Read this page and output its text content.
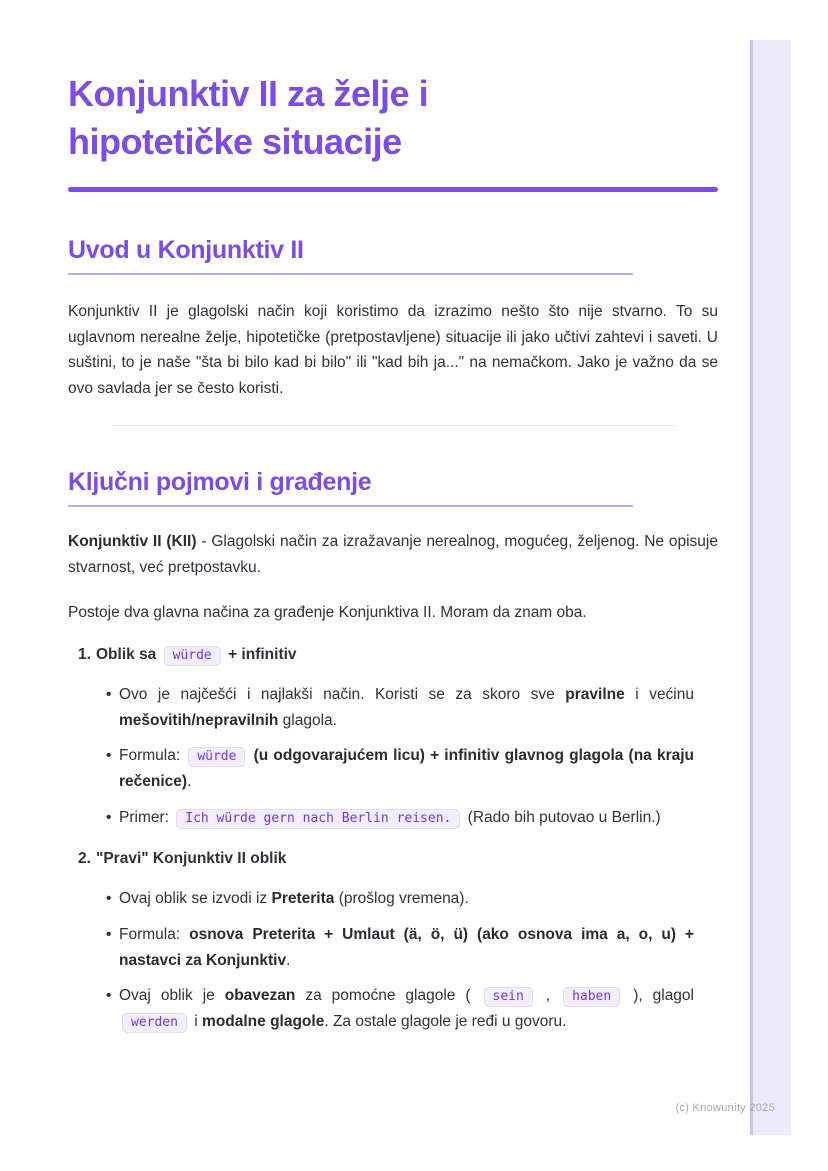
Konjunktiv II za želje i
hipotetičke situacije
Uvod u Konjunktiv II

Konjunktiv II je glagolski način koji koristimo da izrazimo nešto što nije stvarno. To su uglavnom nerealne želje, hipotetičke (pretpostavljene) situacije ili jako učtivi zahtevi i saveti. U suštini, to je naše "šta bi bilo kad bi bilo" ili "kad bih ja..." na nemačkom. Jako je važno da se ovo savlada jer se često koristi.

Ključni pojmovi i građenje

Konjunktiv II (KII) - Glagolski način za izražavanje nerealnog, mogućeg, željenog. Ne opisuje stvarnost, već pretpostavku.

Postoje dva glavna načina za građenje Konjunktiva II. Moram da znam oba.

1. Oblik sa würde + infinitiv
• Ovo je najčešći i najlakši način. Koristi se za skoro sve pravilne i većinu mešovitih/nepravilnih glagola.
• Formula: würde (u odgovarajućem licu) + infinitiv glavnog glagola (na kraju rečenice).
• Primer: Ich würde gern nach Berlin reisen. (Rado bih putovao u Berlin.)
2. "Pravi" Konjunktiv II oblik
• Ovaj oblik se izvodi iz Preterita (prošlog vremena).
• Formula: osnova Preterita + Umlaut (ä, ö, ü) (ako osnova ima a, o, u) + nastavci za Konjunktiv.
• Ovaj oblik je obavezan za pomoćne glagole ( sein , haben ), glagol werden i modalne glagole. Za ostale glagole je ređi u govoru.
(c) Knowunity 2025
